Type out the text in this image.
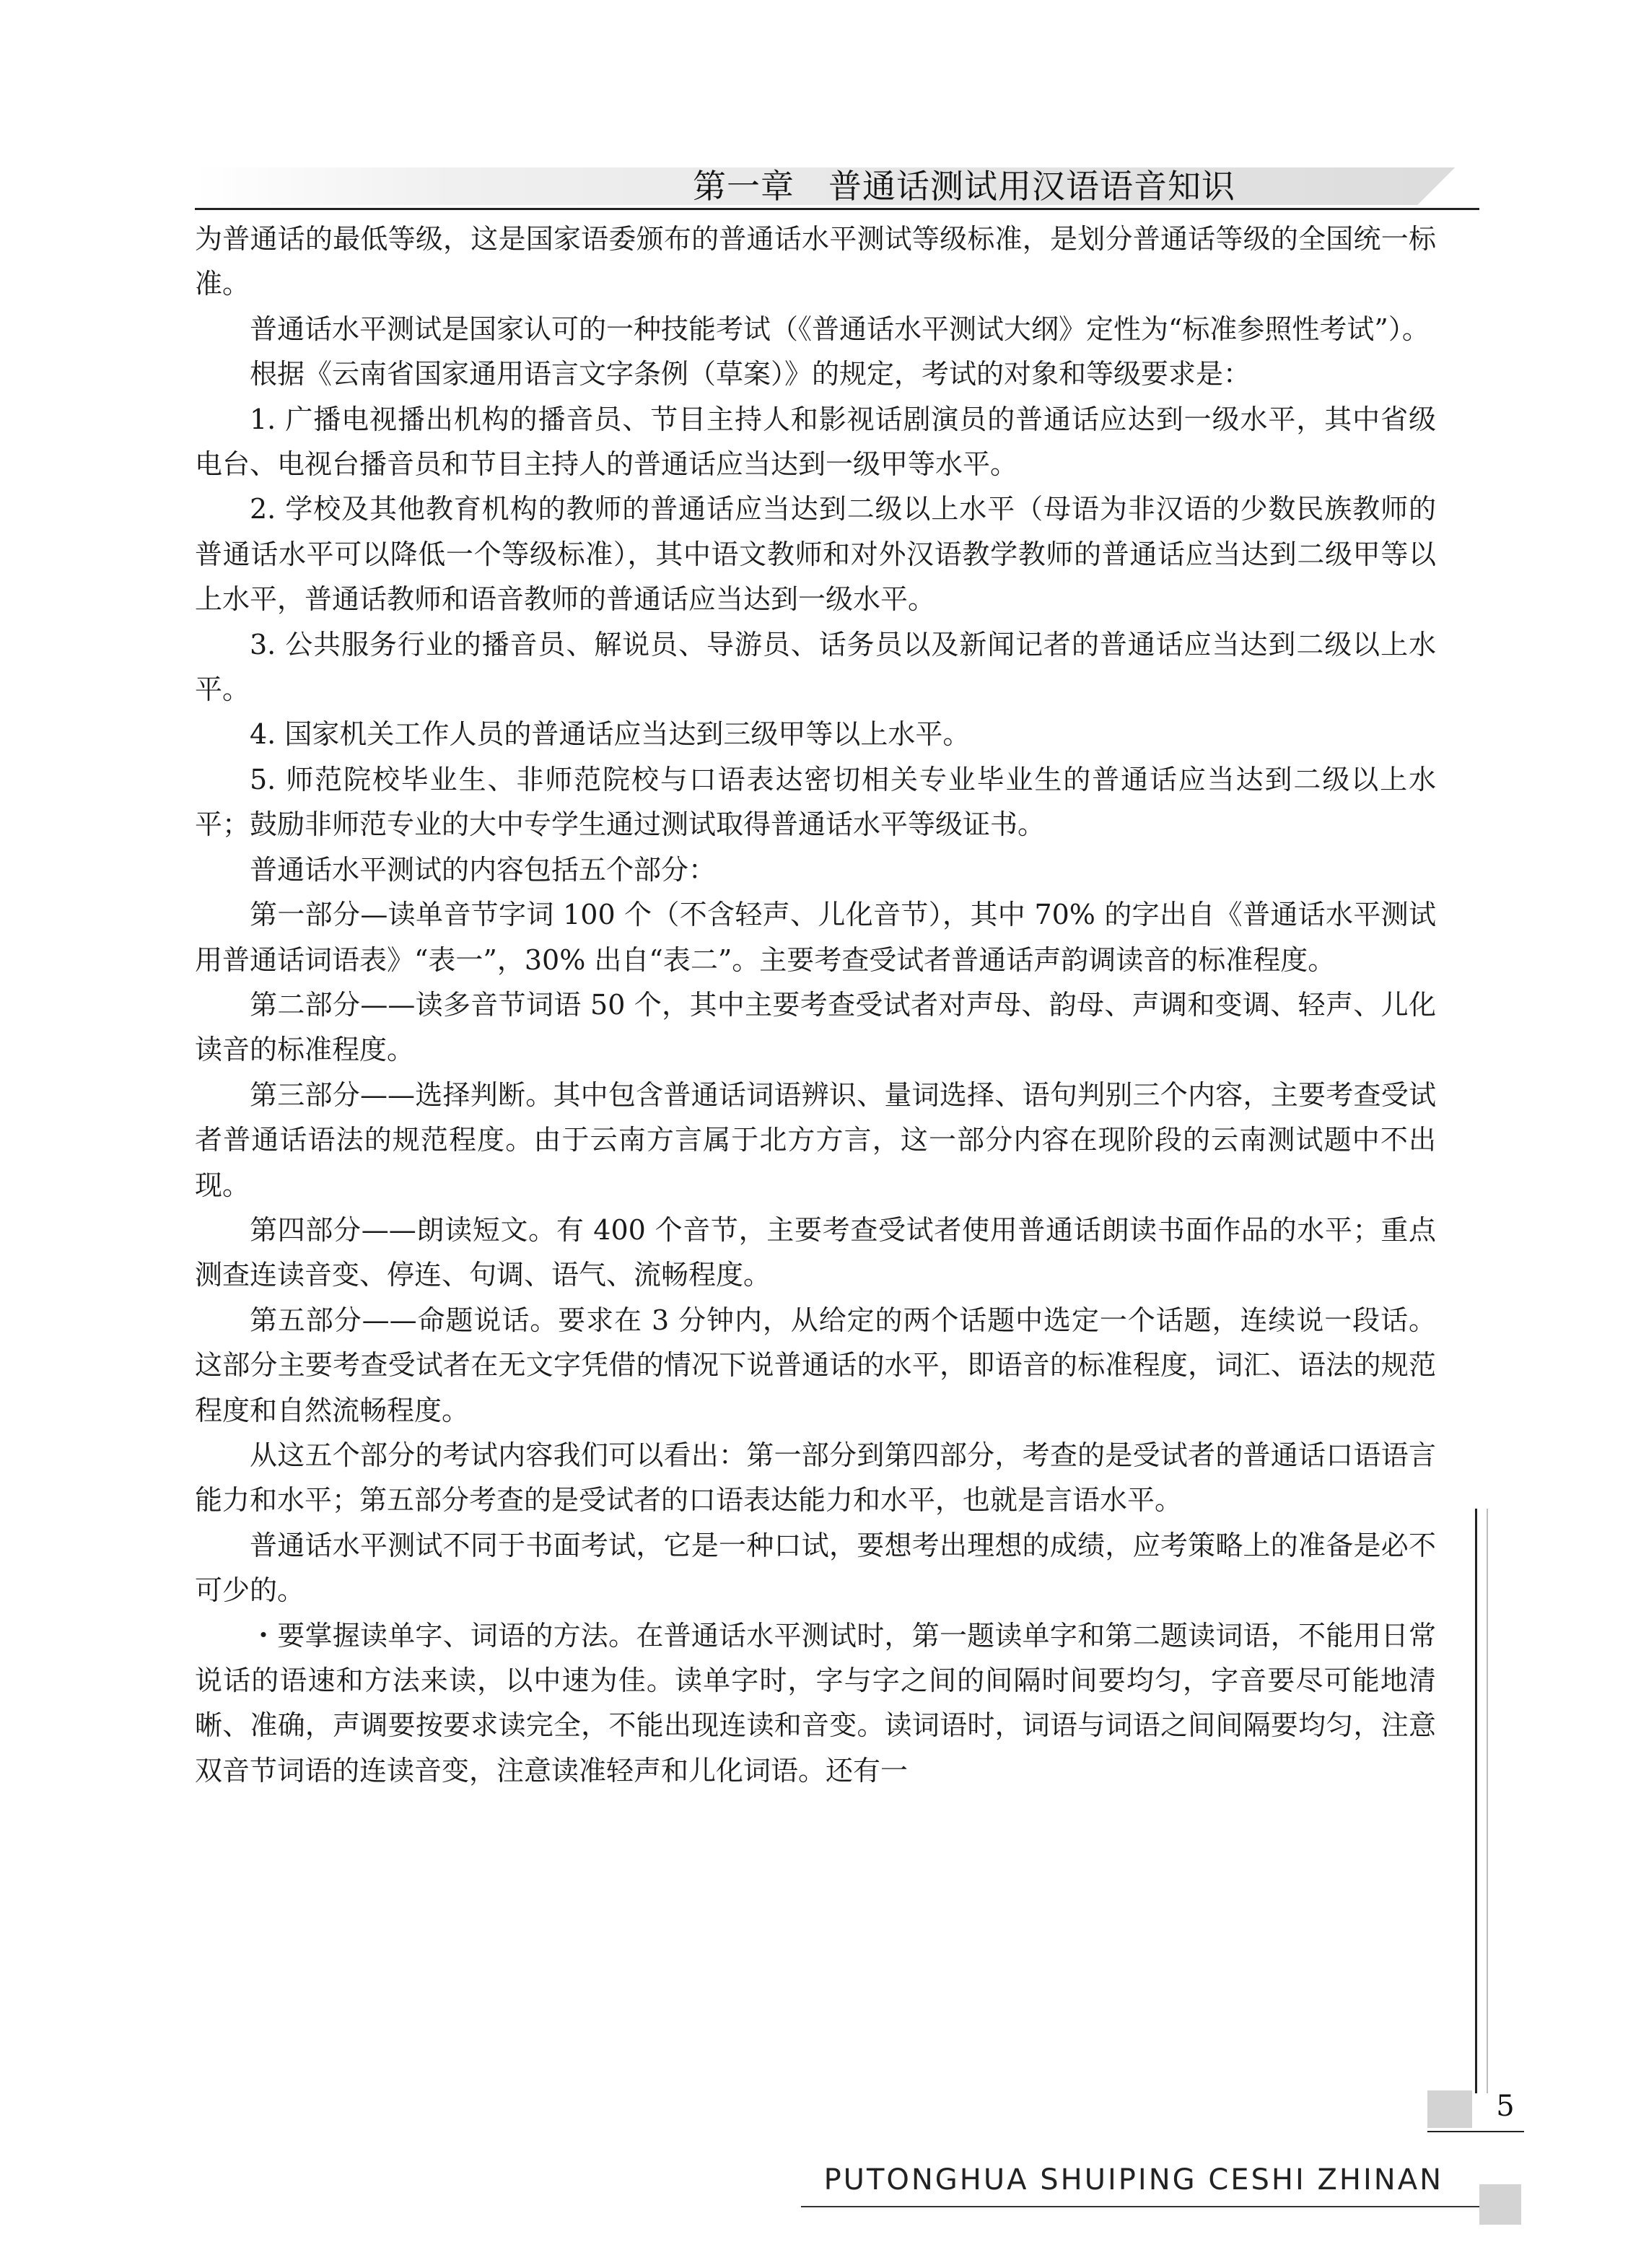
第一章　普通话测试用汉语语音知识

为普通话的最低等级，这是国家语委颁布的普通话水平测试等级标准，是划分普通话等级的全国统一标准。

普通话水平测试是国家认可的一种技能考试（《普通话水平测试大纲》定性为“标准参照性考试”）。

根据《云南省国家通用语言文字条例（草案）》的规定，考试的对象和等级要求是：

1. 广播电视播出机构的播音员、节目主持人和影视话剧演员的普通话应达到一级水平，其中省级电台、电视台播音员和节目主持人的普通话应当达到一级甲等水平。

2. 学校及其他教育机构的教师的普通话应当达到二级以上水平（母语为非汉语的少数民族教师的普通话水平可以降低一个等级标准），其中语文教师和对外汉语教学教师的普通话应当达到二级甲等以上水平，普通话教师和语音教师的普通话应当达到一级水平。

3. 公共服务行业的播音员、解说员、导游员、话务员以及新闻记者的普通话应当达到二级以上水平。

4. 国家机关工作人员的普通话应当达到三级甲等以上水平。

5. 师范院校毕业生、非师范院校与口语表达密切相关专业毕业生的普通话应当达到二级以上水平；鼓励非师范专业的大中专学生通过测试取得普通话水平等级证书。

普通话水平测试的内容包括五个部分：

第一部分—读单音节字词 100 个（不含轻声、儿化音节），其中 70% 的字出自《普通话水平测试用普通话词语表》“表一”，30% 出自“表二”。主要考查受试者普通话声韵调读音的标准程度。

第二部分——读多音节词语 50 个，其中主要考查受试者对声母、韵母、声调和变调、轻声、儿化读音的标准程度。

第三部分——选择判断。其中包含普通话词语辨识、量词选择、语句判别三个内容，主要考查受试者普通话语法的规范程度。由于云南方言属于北方方言，这一部分内容在现阶段的云南测试题中不出现。

第四部分——朗读短文。有 400 个音节，主要考查受试者使用普通话朗读书面作品的水平；重点测查连读音变、停连、句调、语气、流畅程度。

第五部分——命题说话。要求在 3 分钟内，从给定的两个话题中选定一个话题，连续说一段话。这部分主要考查受试者在无文字凭借的情况下说普通话的水平，即语音的标准程度，词汇、语法的规范程度和自然流畅程度。

从这五个部分的考试内容我们可以看出：第一部分到第四部分，考查的是受试者的普通话口语语言能力和水平；第五部分考查的是受试者的口语表达能力和水平，也就是言语水平。

普通话水平测试不同于书面考试，它是一种口试，要想考出理想的成绩，应考策略上的准备是必不可少的。

・要掌握读单字、词语的方法。在普通话水平测试时，第一题读单字和第二题读词语，不能用日常说话的语速和方法来读，以中速为佳。读单字时，字与字之间的间隔时间要均匀，字音要尽可能地清晰、准确，声调要按要求读完全，不能出现连读和音变。读词语时，词语与词语之间间隔要均匀，注意双音节词语的连读音变，注意读准轻声和儿化词语。还有一

5
PUTONGHUA SHUIPING CESHI ZHINAN
